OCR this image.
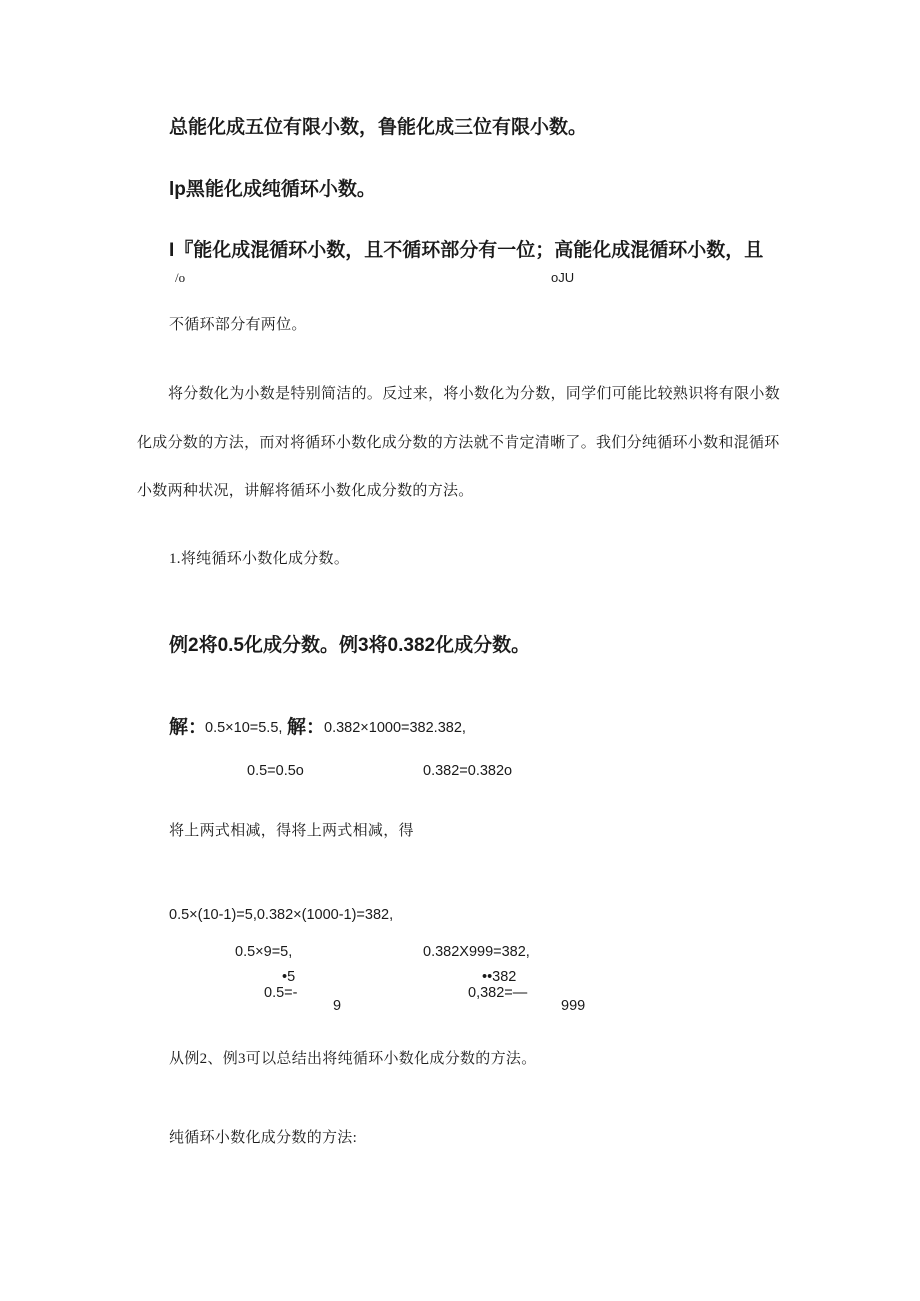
总能化成五位有限小数，鲁能化成三位有限小数。

lp黑能化成纯循环小数。

I『能化成混循环小数，且不循环部分有一位；高能化成混循环小数，且

/o	oJU

不循环部分有两位。

将分数化为小数是特别简洁的。反过来，将小数化为分数，同学们可能比较熟识将有限小数

化成分数的方法，而对将循环小数化成分数的方法就不肯定清晰了。我们分纯循环小数和混循环

小数两种状况，讲解将循环小数化成分数的方法。

1.将纯循环小数化成分数。

例2将0.5化成分数。例3将0.382化成分数。

解：

0.5×10=5.5, 解：

0.382×1000=382.382,

0.5=0.5o	0.382=0.382o

将上两式相减，得将上两式相减，得

0.5×(10-1)=5,0.382×(1000-1)=382,

0.5×9=5,	0.382X999=382,

•5

0.5=-

9

••382

0,382=—

999

从例2、例3可以总结出将纯循环小数化成分数的方法。

纯循环小数化成分数的方法:
